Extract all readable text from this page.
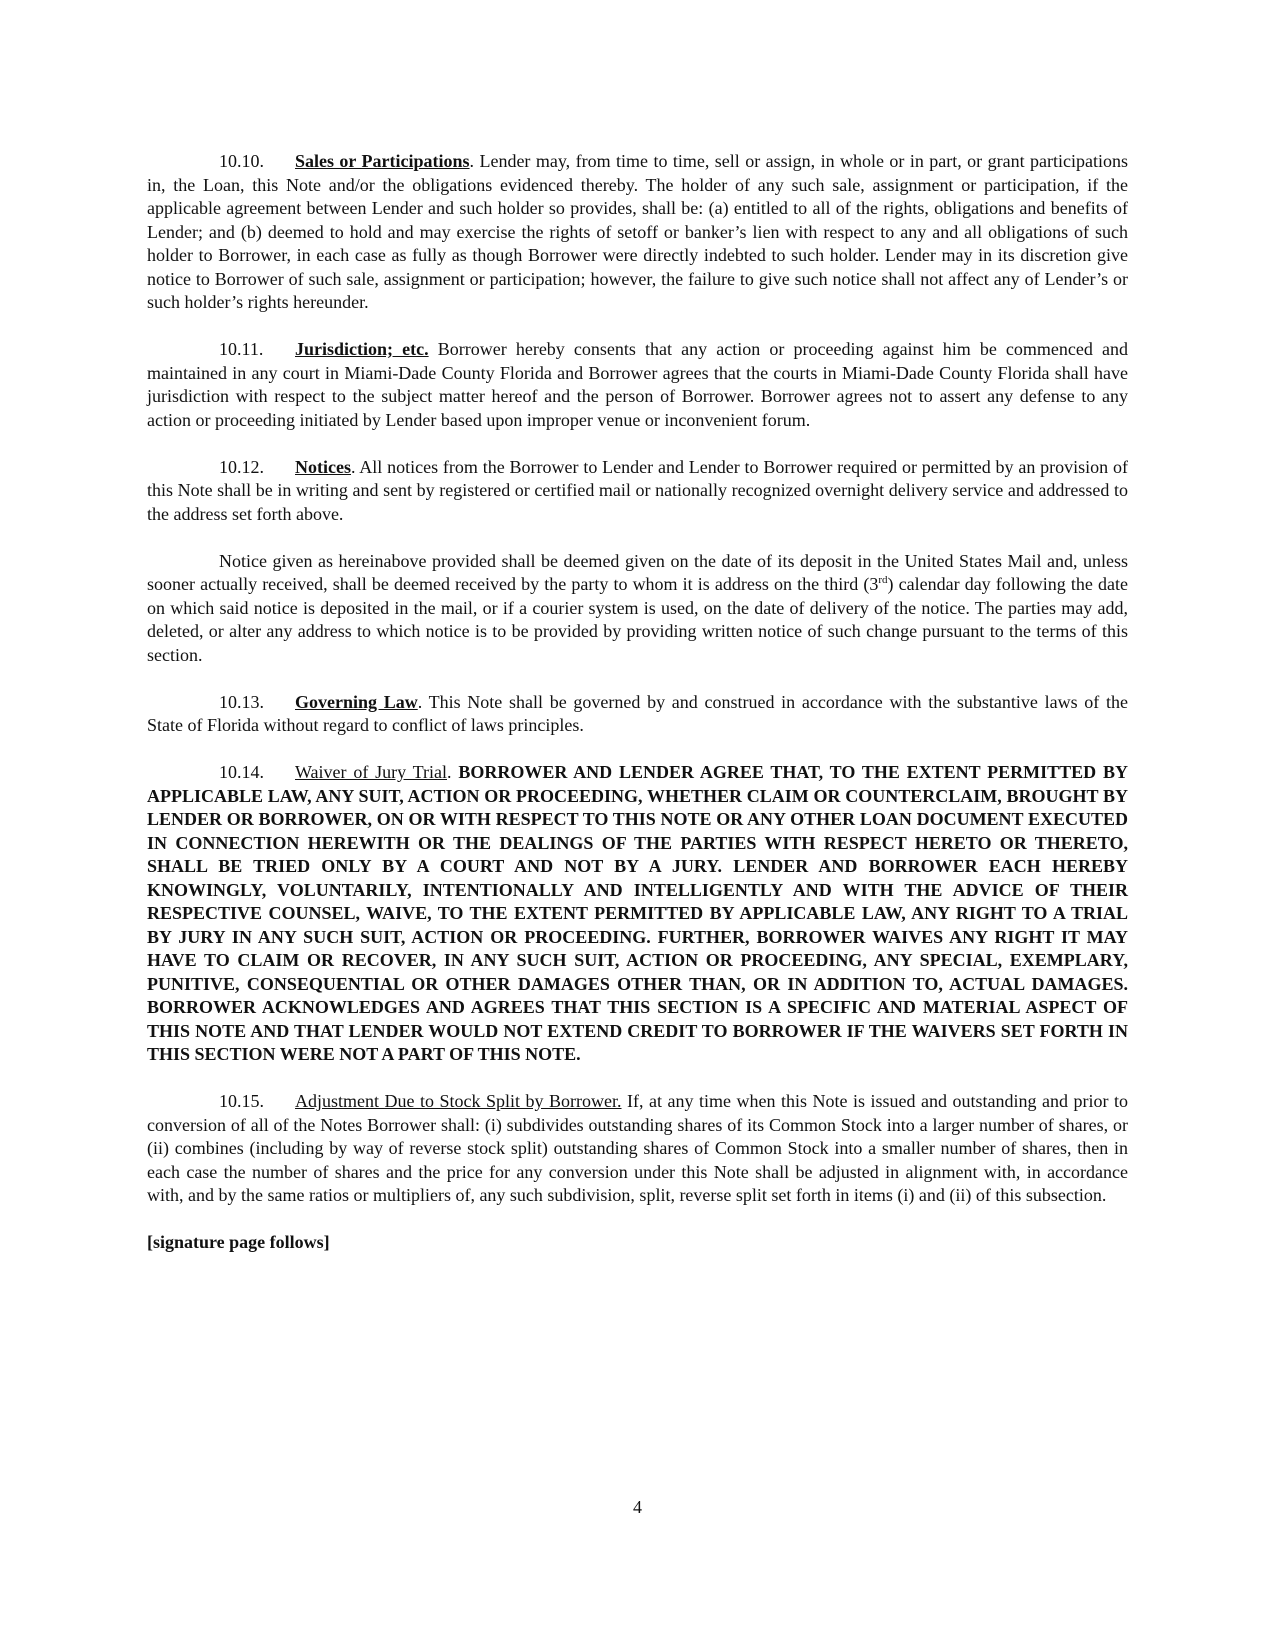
10.10. Sales or Participations. Lender may, from time to time, sell or assign, in whole or in part, or grant participations in, the Loan, this Note and/or the obligations evidenced thereby. The holder of any such sale, assignment or participation, if the applicable agreement between Lender and such holder so provides, shall be: (a) entitled to all of the rights, obligations and benefits of Lender; and (b) deemed to hold and may exercise the rights of setoff or banker’s lien with respect to any and all obligations of such holder to Borrower, in each case as fully as though Borrower were directly indebted to such holder. Lender may in its discretion give notice to Borrower of such sale, assignment or participation; however, the failure to give such notice shall not affect any of Lender’s or such holder’s rights hereunder.

10.11. Jurisdiction; etc. Borrower hereby consents that any action or proceeding against him be commenced and maintained in any court in Miami-Dade County Florida and Borrower agrees that the courts in Miami-Dade County Florida shall have jurisdiction with respect to the subject matter hereof and the person of Borrower. Borrower agrees not to assert any defense to any action or proceeding initiated by Lender based upon improper venue or inconvenient forum.

10.12. Notices. All notices from the Borrower to Lender and Lender to Borrower required or permitted by an provision of this Note shall be in writing and sent by registered or certified mail or nationally recognized overnight delivery service and addressed to the address set forth above.

Notice given as hereinabove provided shall be deemed given on the date of its deposit in the United States Mail and, unless sooner actually received, shall be deemed received by the party to whom it is address on the third (3rd) calendar day following the date on which said notice is deposited in the mail, or if a courier system is used, on the date of delivery of the notice. The parties may add, deleted, or alter any address to which notice is to be provided by providing written notice of such change pursuant to the terms of this section.

10.13. Governing Law. This Note shall be governed by and construed in accordance with the substantive laws of the State of Florida without regard to conflict of laws principles.

10.14. Waiver of Jury Trial. BORROWER AND LENDER AGREE THAT, TO THE EXTENT PERMITTED BY APPLICABLE LAW, ANY SUIT, ACTION OR PROCEEDING, WHETHER CLAIM OR COUNTERCLAIM, BROUGHT BY LENDER OR BORROWER, ON OR WITH RESPECT TO THIS NOTE OR ANY OTHER LOAN DOCUMENT EXECUTED IN CONNECTION HEREWITH OR THE DEALINGS OF THE PARTIES WITH RESPECT HERETO OR THERETO, SHALL BE TRIED ONLY BY A COURT AND NOT BY A JURY. LENDER AND BORROWER EACH HEREBY KNOWINGLY, VOLUNTARILY, INTENTIONALLY AND INTELLIGENTLY AND WITH THE ADVICE OF THEIR RESPECTIVE COUNSEL, WAIVE, TO THE EXTENT PERMITTED BY APPLICABLE LAW, ANY RIGHT TO A TRIAL BY JURY IN ANY SUCH SUIT, ACTION OR PROCEEDING. FURTHER, BORROWER WAIVES ANY RIGHT IT MAY HAVE TO CLAIM OR RECOVER, IN ANY SUCH SUIT, ACTION OR PROCEEDING, ANY SPECIAL, EXEMPLARY, PUNITIVE, CONSEQUENTIAL OR OTHER DAMAGES OTHER THAN, OR IN ADDITION TO, ACTUAL DAMAGES. BORROWER ACKNOWLEDGES AND AGREES THAT THIS SECTION IS A SPECIFIC AND MATERIAL ASPECT OF THIS NOTE AND THAT LENDER WOULD NOT EXTEND CREDIT TO BORROWER IF THE WAIVERS SET FORTH IN THIS SECTION WERE NOT A PART OF THIS NOTE.

10.15. Adjustment Due to Stock Split by Borrower. If, at any time when this Note is issued and outstanding and prior to conversion of all of the Notes Borrower shall: (i) subdivides outstanding shares of its Common Stock into a larger number of shares, or (ii) combines (including by way of reverse stock split) outstanding shares of Common Stock into a smaller number of shares, then in each case the number of shares and the price for any conversion under this Note shall be adjusted in alignment with, in accordance with, and by the same ratios or multipliers of, any such subdivision, split, reverse split set forth in items (i) and (ii) of this subsection.

[signature page follows]

4
